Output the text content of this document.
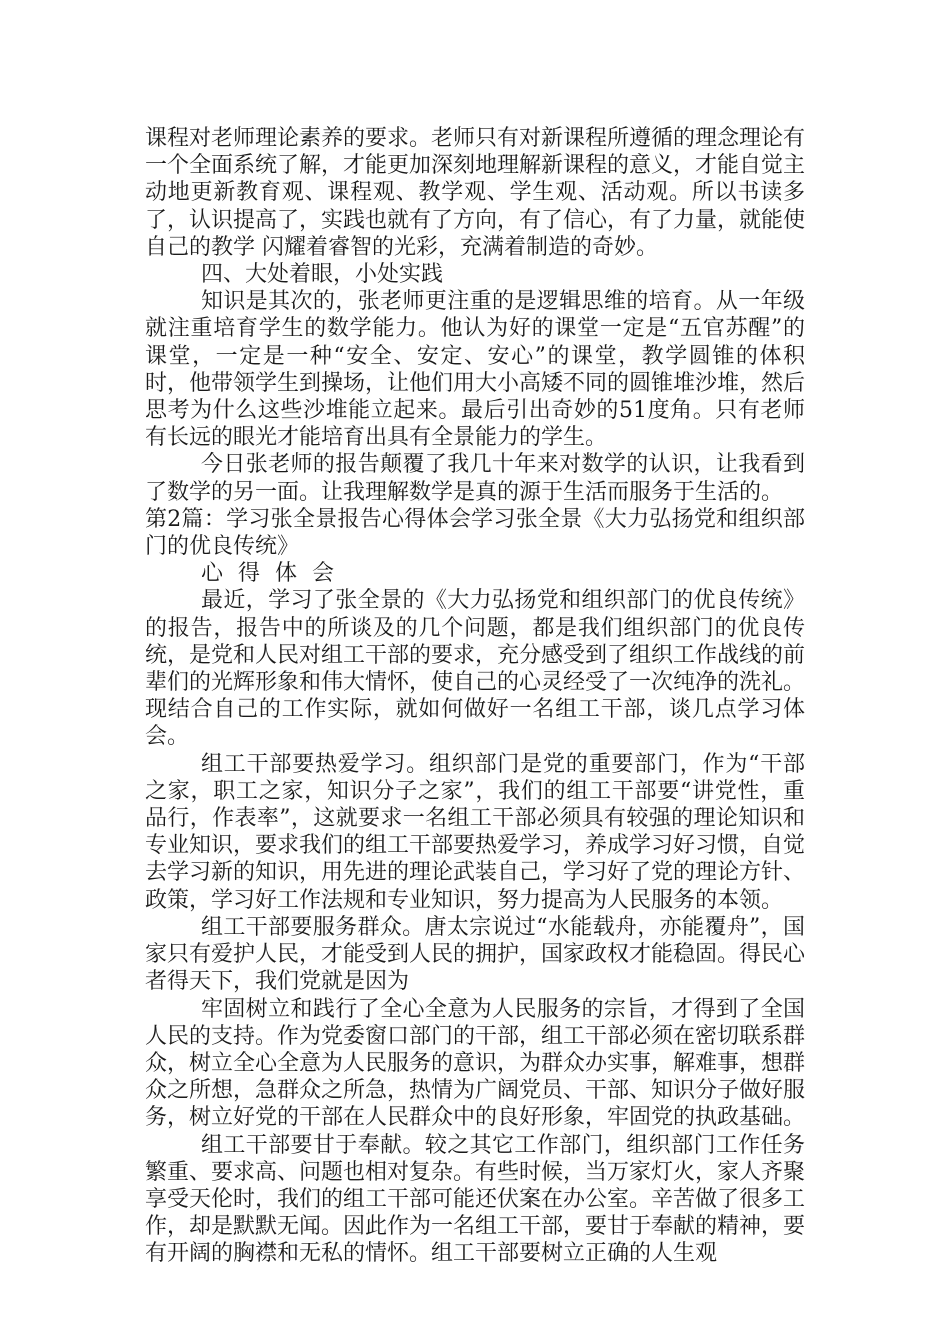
课程对老师理论素养的要求。老师只有对新课程所遵循的理念理论有一个全面系统了解，才能更加深刻地理解新课程的意义，才能自觉主动地更新教育观、课程观、教学观、学生观、活动观。所以书读多了，认识提高了，实践也就有了方向，有了信心，有了力量，就能使自己的教学 闪耀着睿智的光彩，充满着制造的奇妙。

四、大处着眼，小处实践

知识是其次的，张老师更注重的是逻辑思维的培育。从一年级就注重培育学生的数学能力。他认为好的课堂一定是“五官苏醒”的课堂，一定是一种“安全、安定、安心”的课堂，教学圆锥的体积时，他带领学生到操场，让他们用大小高矮不同的圆锥堆沙堆，然后思考为什么这些沙堆能立起来。最后引出奇妙的51度角。只有老师有长远的眼光才能培育出具有全景能力的学生。

今日张老师的报告颠覆了我几十年来对数学的认识，让我看到了数学的另一面。让我理解数学是真的源于生活而服务于生活的。

第2篇：学习张全景报告心得体会学习张全景《大力弘扬党和组织部门的优良传统》

心 得 体 会

最近，学习了张全景的《大力弘扬党和组织部门的优良传统》的报告，报告中的所谈及的几个问题，都是我们组织部门的优良传统，是党和人民对组工干部的要求，充分感受到了组织工作战线的前辈们的光辉形象和伟大情怀，使自己的心灵经受了一次纯净的洗礼。现结合自己的工作实际，就如何做好一名组工干部，谈几点学习体会。

组工干部要热爱学习。组织部门是党的重要部门，作为“干部之家，职工之家，知识分子之家”，我们的组工干部要“讲党性，重品行，作表率”，这就要求一名组工干部必须具有较强的理论知识和专业知识，要求我们的组工干部要热爱学习，养成学习好习惯，自觉去学习新的知识，用先进的理论武装自己，学习好了党的理论方针、政策，学习好工作法规和专业知识，努力提高为人民服务的本领。

组工干部要服务群众。唐太宗说过“水能载舟，亦能覆舟”，国家只有爱护人民，才能受到人民的拥护，国家政权才能稳固。得民心者得天下，我们党就是因为

牢固树立和践行了全心全意为人民服务的宗旨，才得到了全国人民的支持。作为党委窗口部门的干部，组工干部必须在密切联系群众，树立全心全意为人民服务的意识，为群众办实事，解难事，想群众之所想，急群众之所急，热情为广阔党员、干部、知识分子做好服务，树立好党的干部在人民群众中的良好形象，牢固党的执政基础。

组工干部要甘于奉献。较之其它工作部门，组织部门工作任务繁重、要求高、问题也相对复杂。有些时候，当万家灯火，家人齐聚享受天伦时，我们的组工干部可能还伏案在办公室。辛苦做了很多工作，却是默默无闻。因此作为一名组工干部，要甘于奉献的精神，要有开阔的胸襟和无私的情怀。组工干部要树立正确的人生观
